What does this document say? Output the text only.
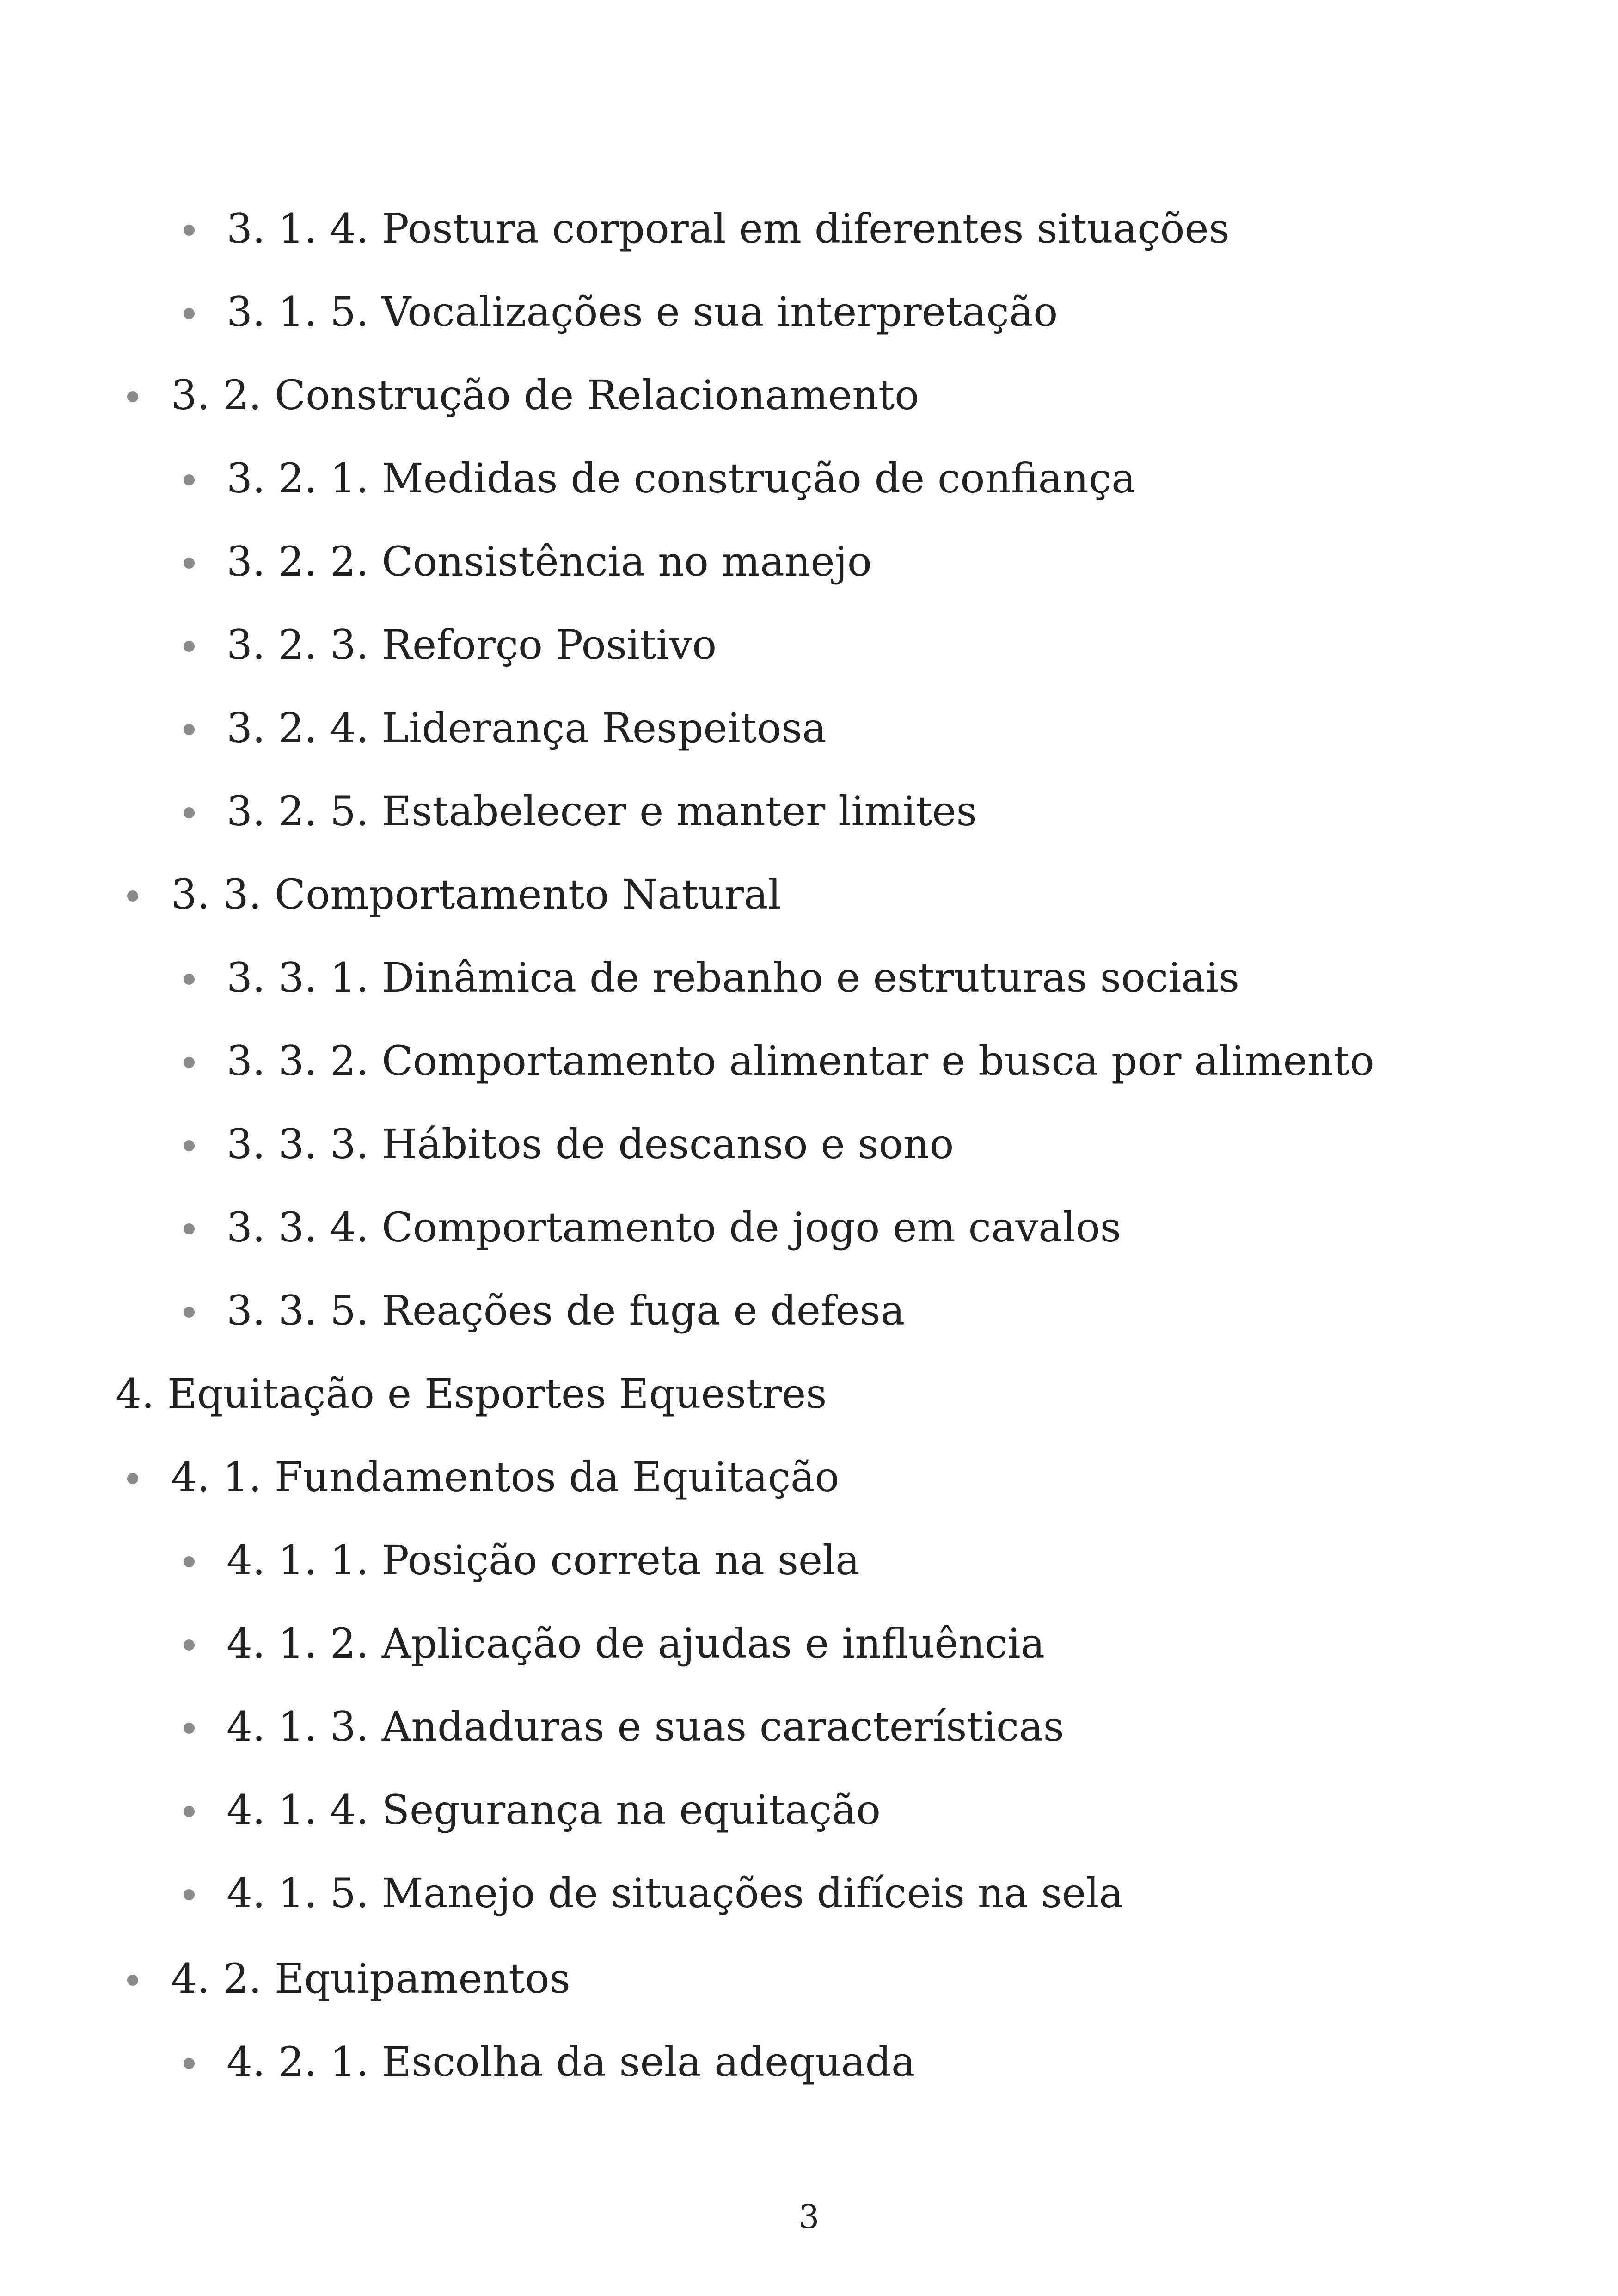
3. 1. 4. Postura corporal em diferentes situações
3. 1. 5. Vocalizações e sua interpretação
3. 2. Construção de Relacionamento
3. 2. 1. Medidas de construção de confiança
3. 2. 2. Consistência no manejo
3. 2. 3. Reforço Positivo
3. 2. 4. Liderança Respeitosa
3. 2. 5. Estabelecer e manter limites
3. 3. Comportamento Natural
3. 3. 1. Dinâmica de rebanho e estruturas sociais
3. 3. 2. Comportamento alimentar e busca por alimento
3. 3. 3. Hábitos de descanso e sono
3. 3. 4. Comportamento de jogo em cavalos
3. 3. 5. Reações de fuga e defesa
4. Equitação e Esportes Equestres
4. 1. Fundamentos da Equitação
4. 1. 1. Posição correta na sela
4. 1. 2. Aplicação de ajudas e influência
4. 1. 3. Andaduras e suas características
4. 1. 4. Segurança na equitação
4. 1. 5. Manejo de situações difíceis na sela
4. 2. Equipamentos
4. 2. 1. Escolha da sela adequada
3
